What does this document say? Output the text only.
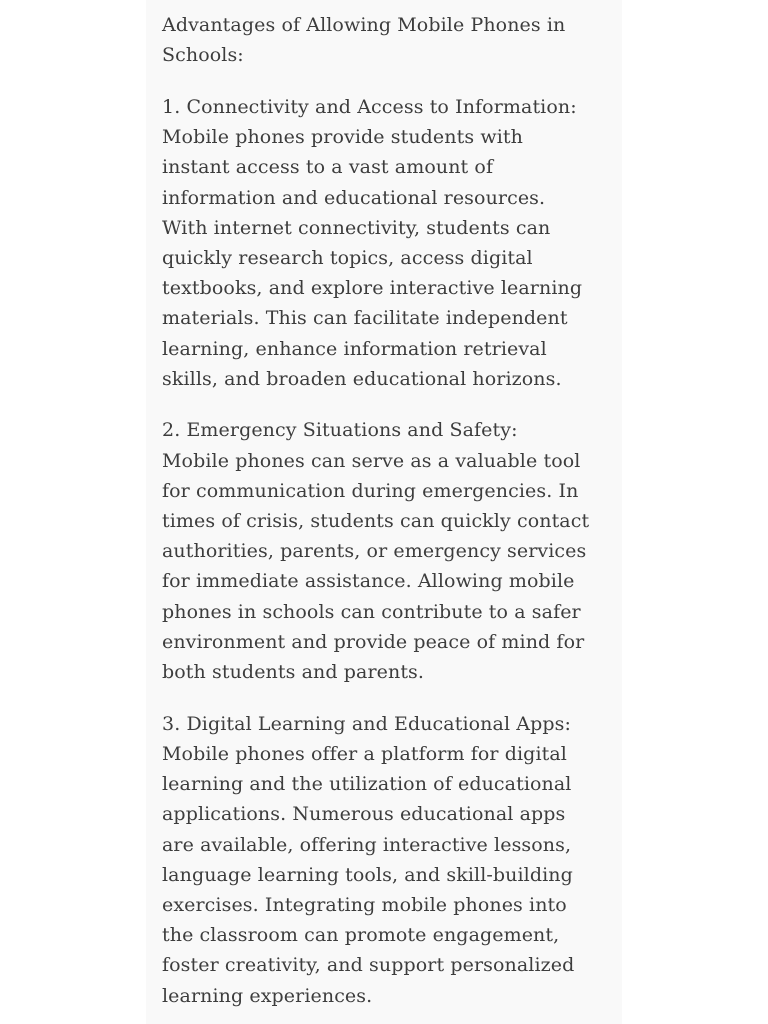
Advantages of Allowing Mobile Phones in Schools:

1. Connectivity and Access to Information:
Mobile phones provide students with instant access to a vast amount of information and educational resources. With internet connectivity, students can quickly research topics, access digital textbooks, and explore interactive learning materials. This can facilitate independent learning, enhance information retrieval skills, and broaden educational horizons.
2. Emergency Situations and Safety:
Mobile phones can serve as a valuable tool for communication during emergencies. In times of crisis, students can quickly contact authorities, parents, or emergency services for immediate assistance. Allowing mobile phones in schools can contribute to a safer environment and provide peace of mind for both students and parents.
3. Digital Learning and Educational Apps:
Mobile phones offer a platform for digital learning and the utilization of educational applications. Numerous educational apps are available, offering interactive lessons, language learning tools, and skill-building exercises. Integrating mobile phones into the classroom can promote engagement, foster creativity, and support personalized learning experiences.
